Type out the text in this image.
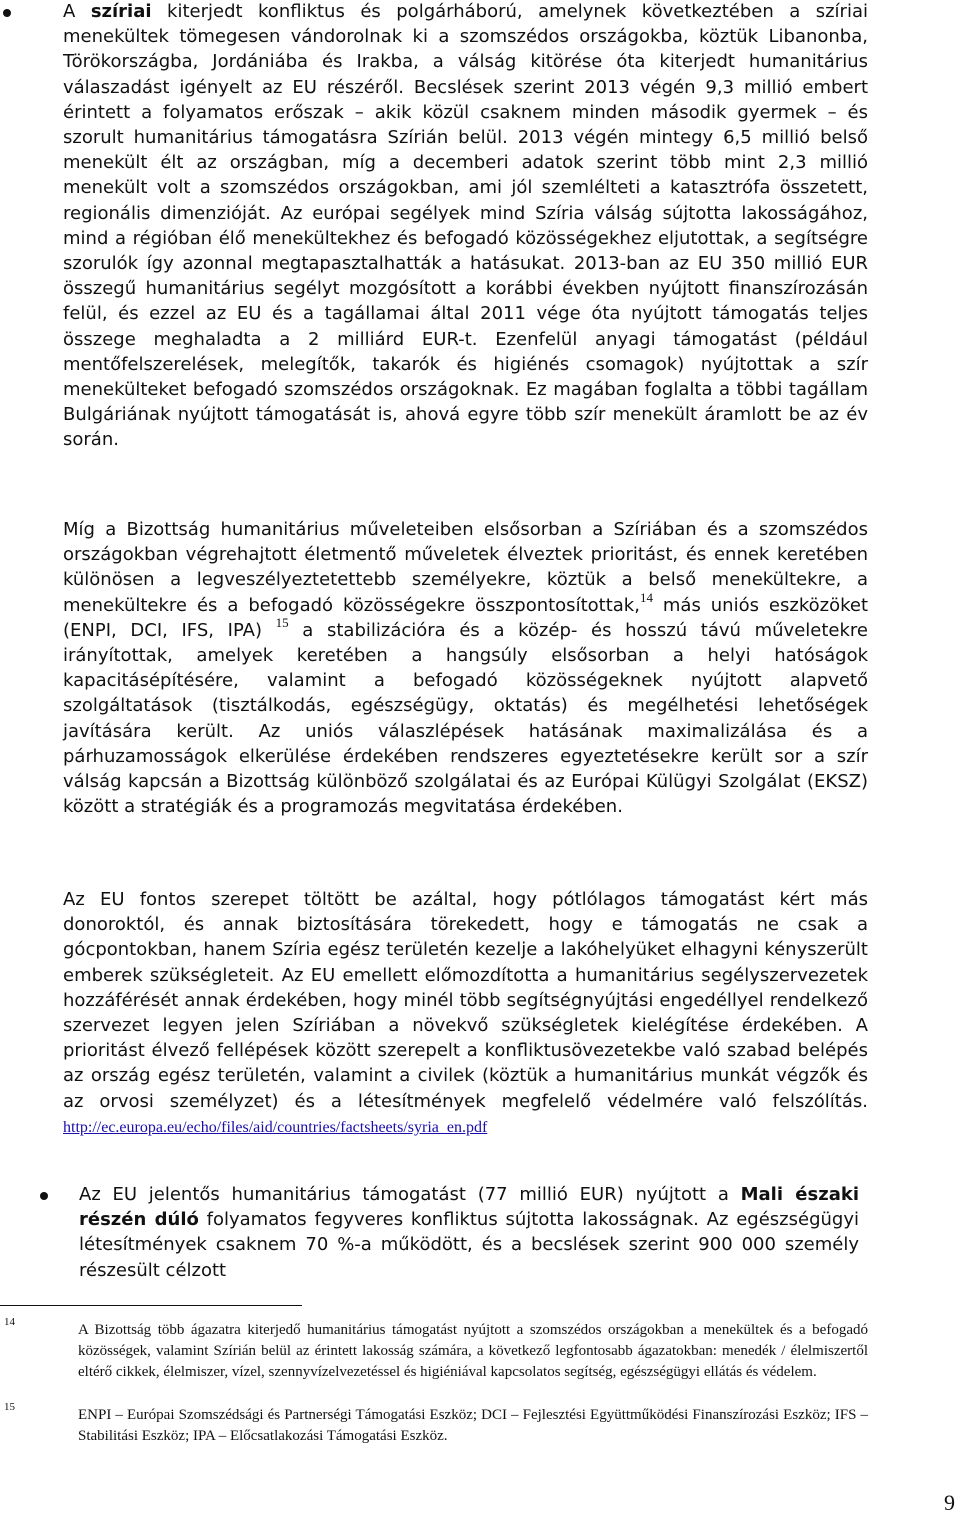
A szíriai kiterjedt konfliktus és polgárháború, amelynek következtében a szíriai menekültek tömegesen vándorolnak ki a szomszédos országokba, köztük Libanonba, Törökországba, Jordániába és Irakba, a válság kitörése óta kiterjedt humanitárius válaszadást igényelt az EU részéről. Becslések szerint 2013 végén 9,3 millió embert érintett a folyamatos erőszak – akik közül csaknem minden második gyermek – és szorult humanitárius támogatásra Szírián belül. 2013 végén mintegy 6,5 millió belső menekült élt az országban, míg a decemberi adatok szerint több mint 2,3 millió menekült volt a szomszédos országokban, ami jól szemlélteti a katasztrófa összetett, regionális dimenzióját. Az európai segélyek mind Szíria válság sújtotta lakosságához, mind a régióban élő menekültekhez és befogadó közösségekhez eljutottak, a segítségre szorulók így azonnal megtapasztalhatták a hatásukat. 2013-ban az EU 350 millió EUR összegű humanitárius segélyt mozgósított a korábbi években nyújtott finanszírozásán felül, és ezzel az EU és a tagállamai által 2011 vége óta nyújtott támogatás teljes összege meghaladta a 2 milliárd EUR-t. Ezenfelül anyagi támogatást (például mentőfelszerelések, melegítők, takarók és higiénés csomagok) nyújtottak a szír menekülteket befogadó szomszédos országoknak. Ez magában foglalta a többi tagállam Bulgáriának nyújtott támogatását is, ahová egyre több szír menekült áramlott be az év során.

Míg a Bizottság humanitárius műveleteiben elsősorban a Szíriában és a szomszédos országokban végrehajtott életmentő műveletek élveztek prioritást, és ennek keretében különösen a legveszélyeztetettebb személyekre, köztük a belső menekültekre, a menekültekre és a befogadó közösségekre összpontosítottak,$^{14}$ más uniós eszközöket (ENPI, DCI, IFS, IPA) $^{15}$ a stabilizációra és a közép- és hosszú távú műveletekre irányítottak, amelyek keretében a hangsúly elsősorban a helyi hatóságok kapacitásépítésére, valamint a befogadó közösségeknek nyújtott alapvető szolgáltatások (tisztálkodás, egészségügy, oktatás) és megélhetési lehetőségek javítására került. Az uniós válaszlépések hatásának maximalizálása és a párhuzamosságok elkerülése érdekében rendszeres egyeztetésekre került sor a szír válság kapcsán a Bizottság különböző szolgálatai és az Európai Külügyi Szolgálat (EKSZ) között a stratégiák és a programozás megvitatása érdekében.

Az EU fontos szerepet töltött be azáltal, hogy pótlólagos támogatást kért más donoroktól, és annak biztosítására törekedett, hogy e támogatás ne csak a gócpontokban, hanem Szíria egész területén kezelje a lakóhelyüket elhagyni kényszerült emberek szükségleteit. Az EU emellett előmozdította a humanitárius segélyszervezetek hozzáférését annak érdekében, hogy minél több segítségnyújtási engedéllyel rendelkező szervezet legyen jelen Szíriában a növekvő szükségletek kielégítése érdekében. A prioritást élvező fellépések között szerepelt a konfliktusövezetekbe való szabad belépés az ország egész területén, valamint a civilek (köztük a humanitárius munkát végzők és az orvosi személyzet) és a létesítmények megfelelő védelmére való felszólítás. http://ec.europa.eu/echo/files/aid/countries/factsheets/syria_en.pdf

Az EU jelentős humanitárius támogatást (77 millió EUR) nyújtott a Mali északi részén dúló folyamatos fegyveres konfliktus sújtotta lakosságnak. Az egészségügyi létesítmények csaknem 70 %-a működött, és a becslések szerint 900 000 személy részesült célzott

14	A Bizottság több ágazatra kiterjedő humanitárius támogatást nyújtott a szomszédos országokban a menekültek és a befogadó közösségek, valamint Szírián belül az érintett lakosság számára, a következő legfontosabb ágazatokban: menedék / élelmiszertől eltérő cikkek, élelmiszer, vízel, szennyvízelvezetéssel és higiéniával kapcsolatos segítség, egészségügyi ellátás és védelem.

15	ENPI – Európai Szomszédsági és Partnerségi Támogatási Eszköz; DCI – Fejlesztési Együttműködési Finanszírozási Eszköz; IFS – Stabilitási Eszköz; IPA – Előcsatlakozási Támogatási Eszköz.

9
